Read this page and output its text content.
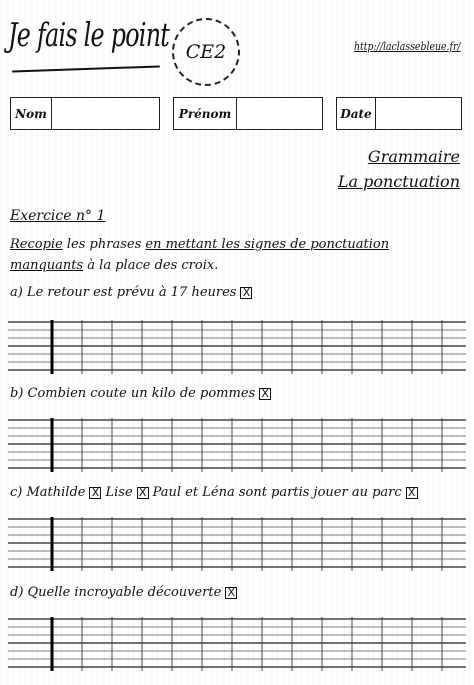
Je fais le point CE2	http://laclassebleue.fr/
Nom	Prénom	Date
Grammaire
La ponctuation
Exercice n° 1
Recopie les phrases en mettant les signes de ponctuation manquants à la place des croix.
a) Le retour est prévu à 17 heures X
b) Combien coute un kilo de pommes X
c) Mathilde X Lise X Paul et Léna sont partis jouer au parc X
d) Quelle incroyable découverte X
